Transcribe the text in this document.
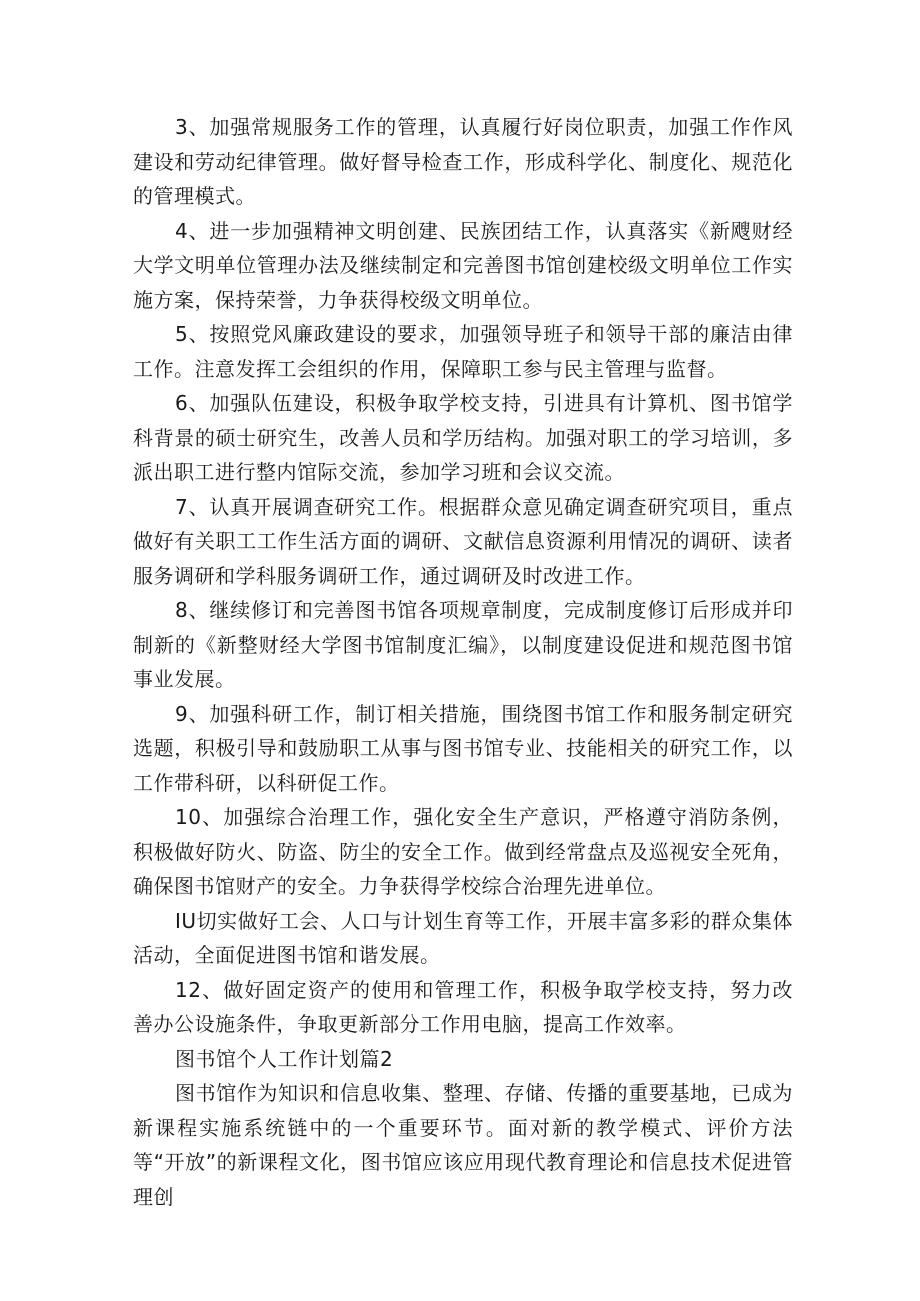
3、加强常规服务工作的管理，认真履行好岗位职责，加强工作作风建设和劳动纪律管理。做好督导检查工作，形成科学化、制度化、规范化的管理模式。

4、进一步加强精神文明创建、民族团结工作，认真落实《新飕财经大学文明单位管理办法及继续制定和完善图书馆创建校级文明单位工作实施方案，保持荣誉，力争获得校级文明单位。

5、按照党风廉政建设的要求，加强领导班子和领导干部的廉洁由律工作。注意发挥工会组织的作用，保障职工参与民主管理与监督。

6、加强队伍建设，积极争取学校支持，引进具有计算机、图书馆学科背景的硕士研究生，改善人员和学历结构。加强对职工的学习培训，多派出职工进行整内馆际交流，参加学习班和会议交流。

7、认真开展调查研究工作。根据群众意见确定调查研究项目，重点做好有关职工工作生活方面的调研、文献信息资源利用情况的调研、读者服务调研和学科服务调研工作，通过调研及时改进工作。

8、继续修订和完善图书馆各项规章制度，完成制度修订后形成并印制新的《新整财经大学图书馆制度汇编》，以制度建设促进和规范图书馆事业发展。

9、加强科研工作，制订相关措施，围绕图书馆工作和服务制定研究选题，积极引导和鼓励职工从事与图书馆专业、技能相关的研究工作，以工作带科研，以科研促工作。

10、加强综合治理工作，强化安全生产意识，严格遵守消防条例，积极做好防火、防盗、防尘的安全工作。做到经常盘点及巡视安全死角，确保图书馆财产的安全。力争获得学校综合治理先进单位。

IU切实做好工会、人口与计划生育等工作，开展丰富多彩的群众集体活动，全面促进图书馆和谐发展。

12、做好固定资产的使用和管理工作，积极争取学校支持，努力改善办公设施条件，争取更新部分工作用电脑，提高工作效率。

图书馆个人工作计划篇2

图书馆作为知识和信息收集、整理、存储、传播的重要基地，已成为新课程实施系统链中的一个重要环节。面对新的教学模式、评价方法等“开放”的新课程文化，图书馆应该应用现代教育理论和信息技术促进管理创
